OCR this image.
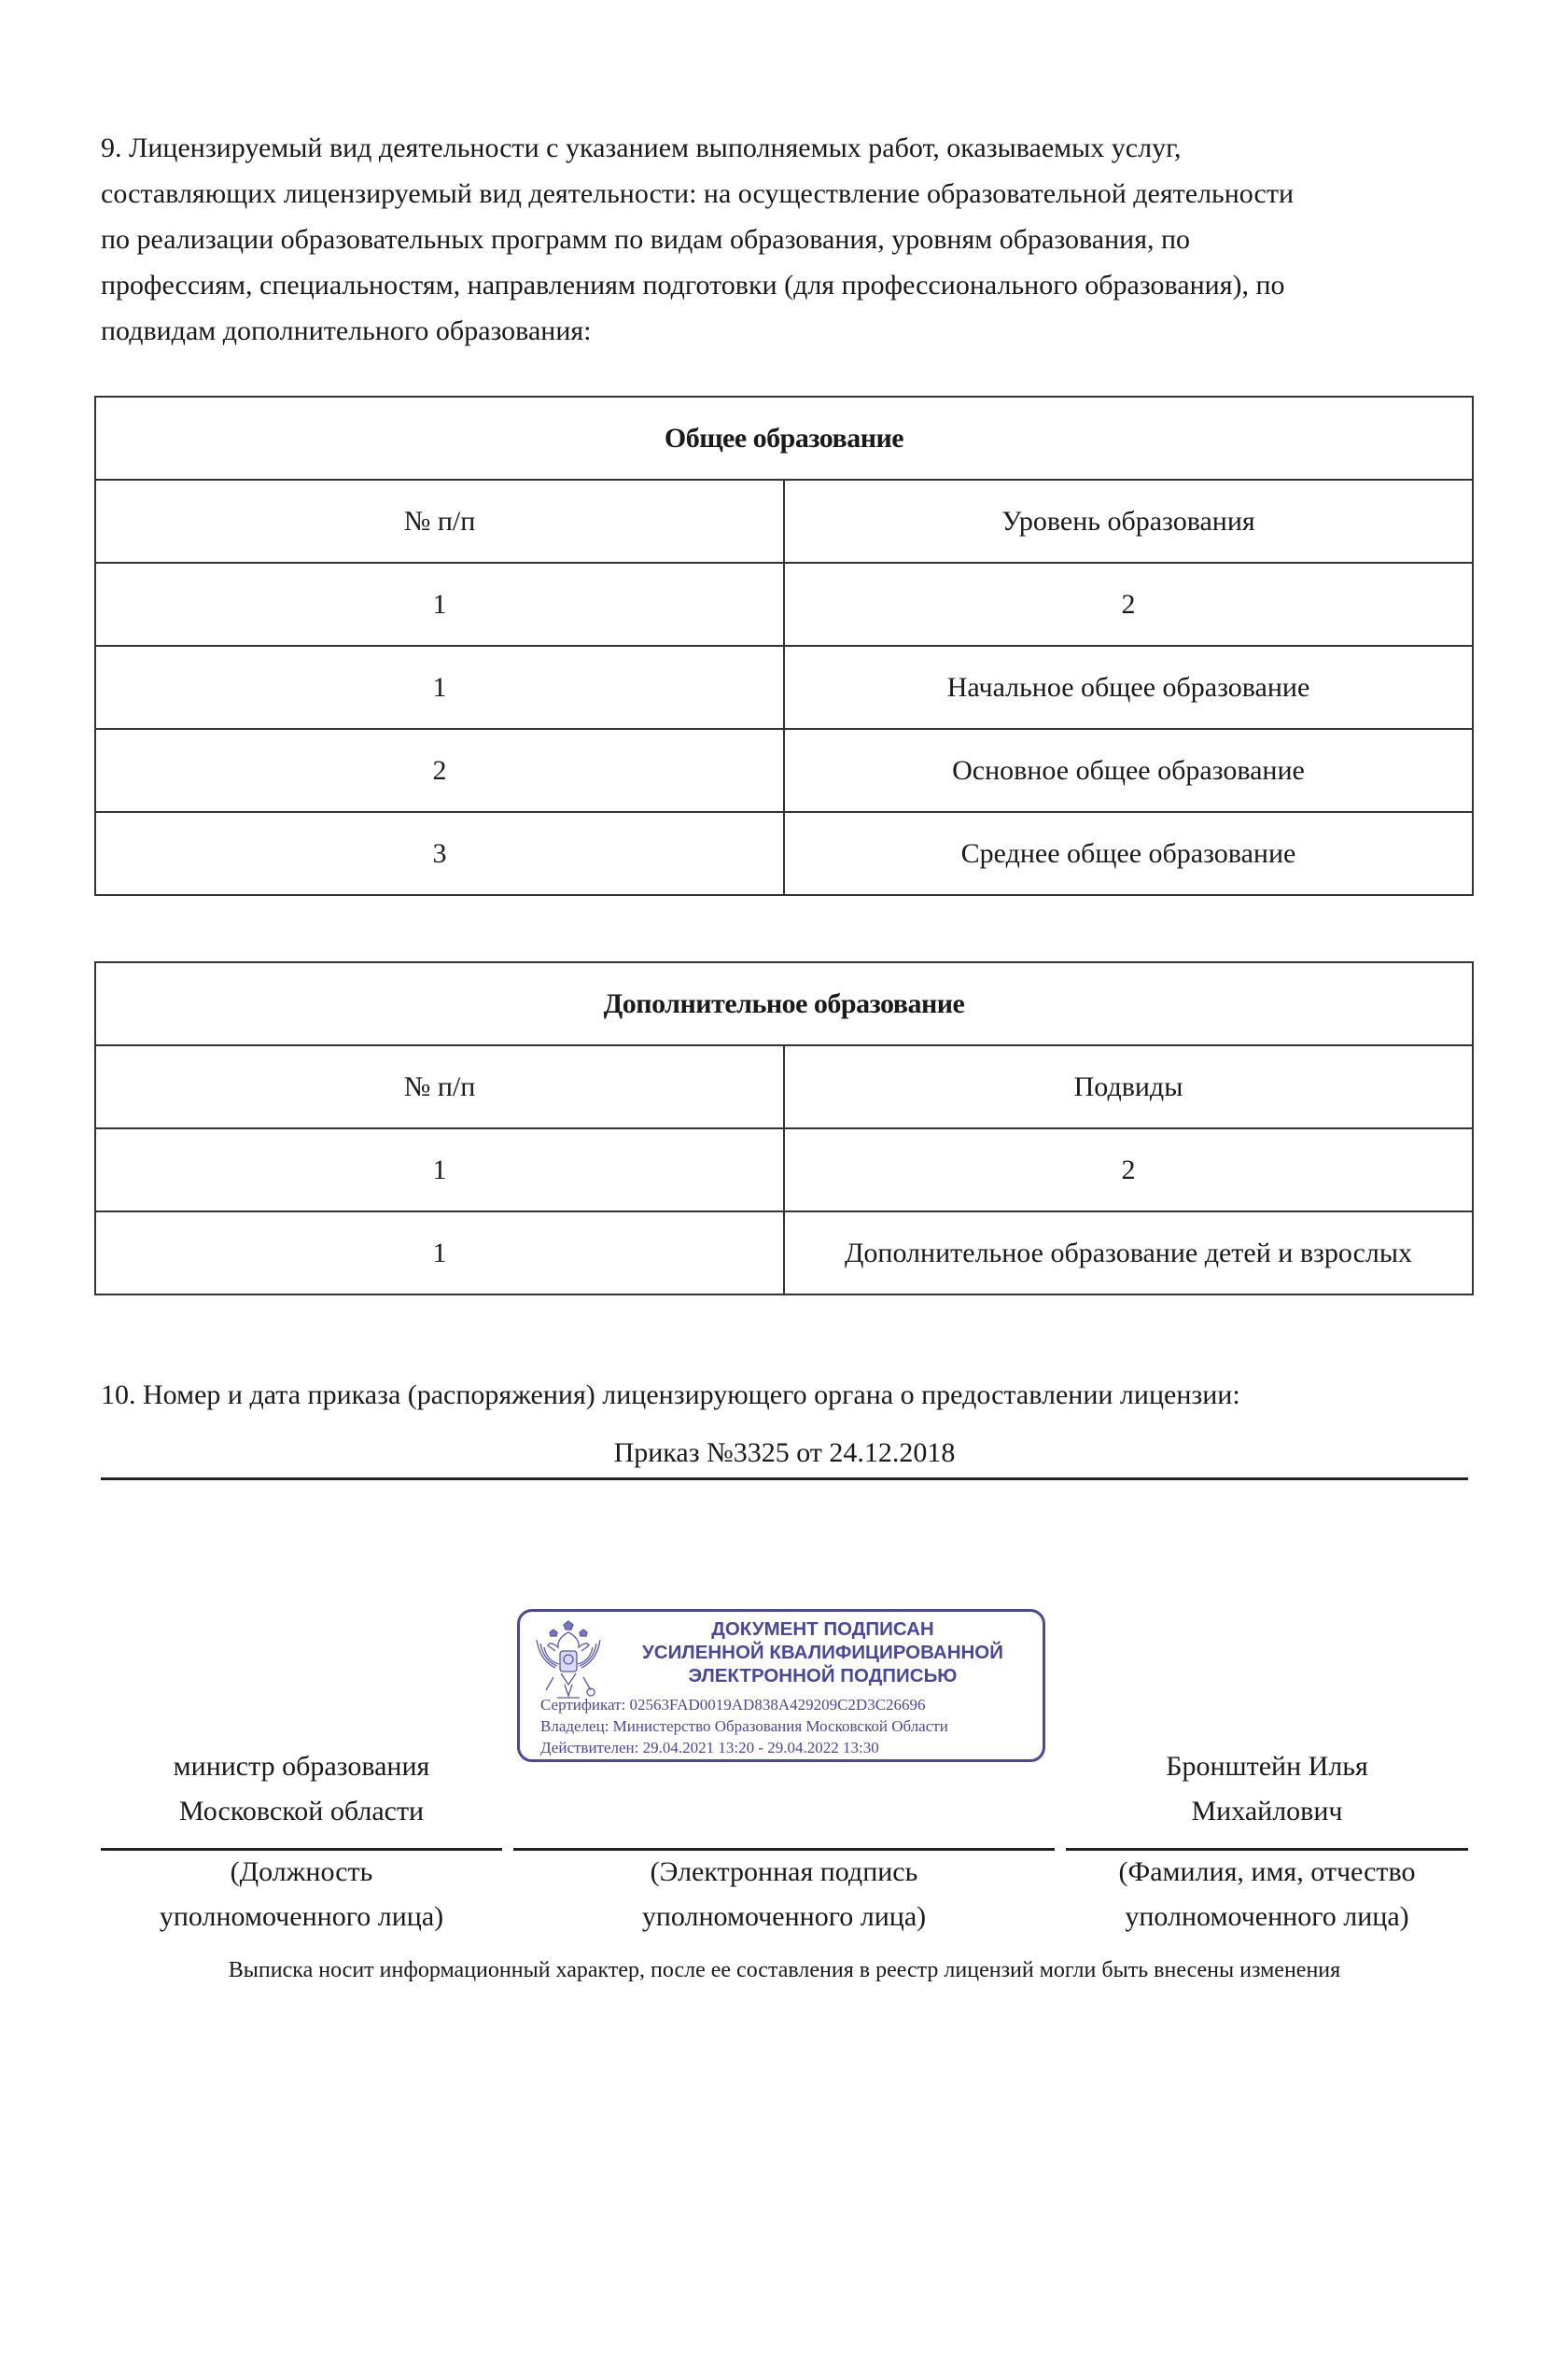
9. Лицензируемый вид деятельности с указанием выполняемых работ, оказываемых услуг,
составляющих лицензируемый вид деятельности: на осуществление образовательной деятельности
по реализации образовательных программ по видам образования, уровням образования, по
профессиям, специальностям, направлениям подготовки (для профессионального образования), по
подвидам дополнительного образования:
Общее образование	
№ п/п	Уровень образования
1	2
1	Начальное общее образование
2	Основное общее образование
3	Среднее общее образование
Дополнительное образование	
№ п/п	Подвиды
1	2
1	Дополнительное образование детей и взрослых
10. Номер и дата приказа (распоряжения) лицензирующего органа о предоставлении лицензии:
Приказ №3325 от 24.12.2018
ДОКУМЕНТ ПОДПИСАН
УСИЛЕННОЙ КВАЛИФИЦИРОВАННОЙ
ЭЛЕКТРОННОЙ ПОДПИСЬЮ
Сертификат: 02563FAD0019AD838A429209C2D3C26696
Владелец: Министерство Образования Московской Области
Действителен: 29.04.2021 13:20 - 29.04.2022 13:30
министр образования
Московской области
Бронштейн Илья
Михайлович
(Должность
уполномоченного лица)
(Электронная подпись
уполномоченного лица)
(Фамилия, имя, отчество
уполномоченного лица)
Выписка носит информационный характер, после ее составления в реестр лицензий могли быть внесены изменения
